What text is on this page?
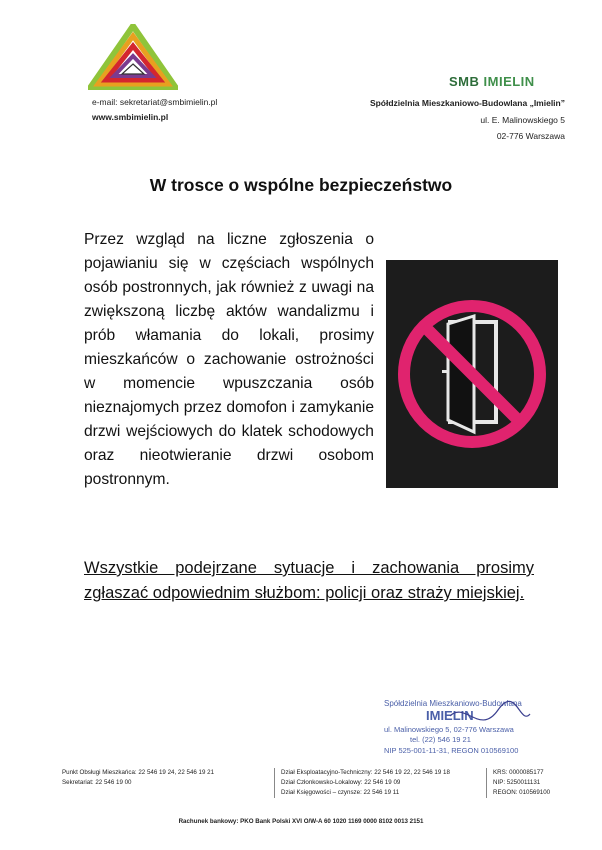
e-mail: sekretariat@smbimielin.pl
www.smbimielin.pl
SMB IMIELIN
Spółdzielnia Mieszkaniowo-Budowlana „Imielin”
ul. E. Malinowskiego 5
02-776 Warszawa
W trosce o wspólne bezpieczeństwo

Przez wzgląd na liczne zgłoszenia o pojawianiu się w częściach wspólnych osób postronnych, jak również z uwagi na zwiększoną liczbę aktów wandalizmu i prób włamania do lokali, prosimy mieszkańców o zachowanie ostrożności w momencie wpuszczania osób nieznajomych przez domofon i zamykanie drzwi wejściowych do klatek schodowych oraz nieotwieranie drzwi osobom postronnym.

Wszystkie podejrzane sytuacje i zachowania prosimy zgłaszać odpowiednim służbom: policji oraz straży miejskiej.

Spółdzielnia Mieszkaniowo-Budowlana
IMIELIN
ul. Malinowskiego 5, 02-776 Warszawa
tel. (22) 546 19 21
NIP 525-001-11-31, REGON 010569100
Punkt Obsługi Mieszkańca: 22 546 19 24, 22 546 19 21
Sekretariat: 22 546 19 00
Dział Eksploatacyjno-Techniczny: 22 546 19 22, 22 546 19 18
Dział Członkowsko-Lokalowy: 22 546 19 09
Dział Księgowości – czynsze: 22 546 19 11
KRS: 0000085177
NIP: 5250011131
REGON: 010569100
Rachunek bankowy: PKO Bank Polski XVI O/W-A 60 1020 1169 0000 8102 0013 2151
